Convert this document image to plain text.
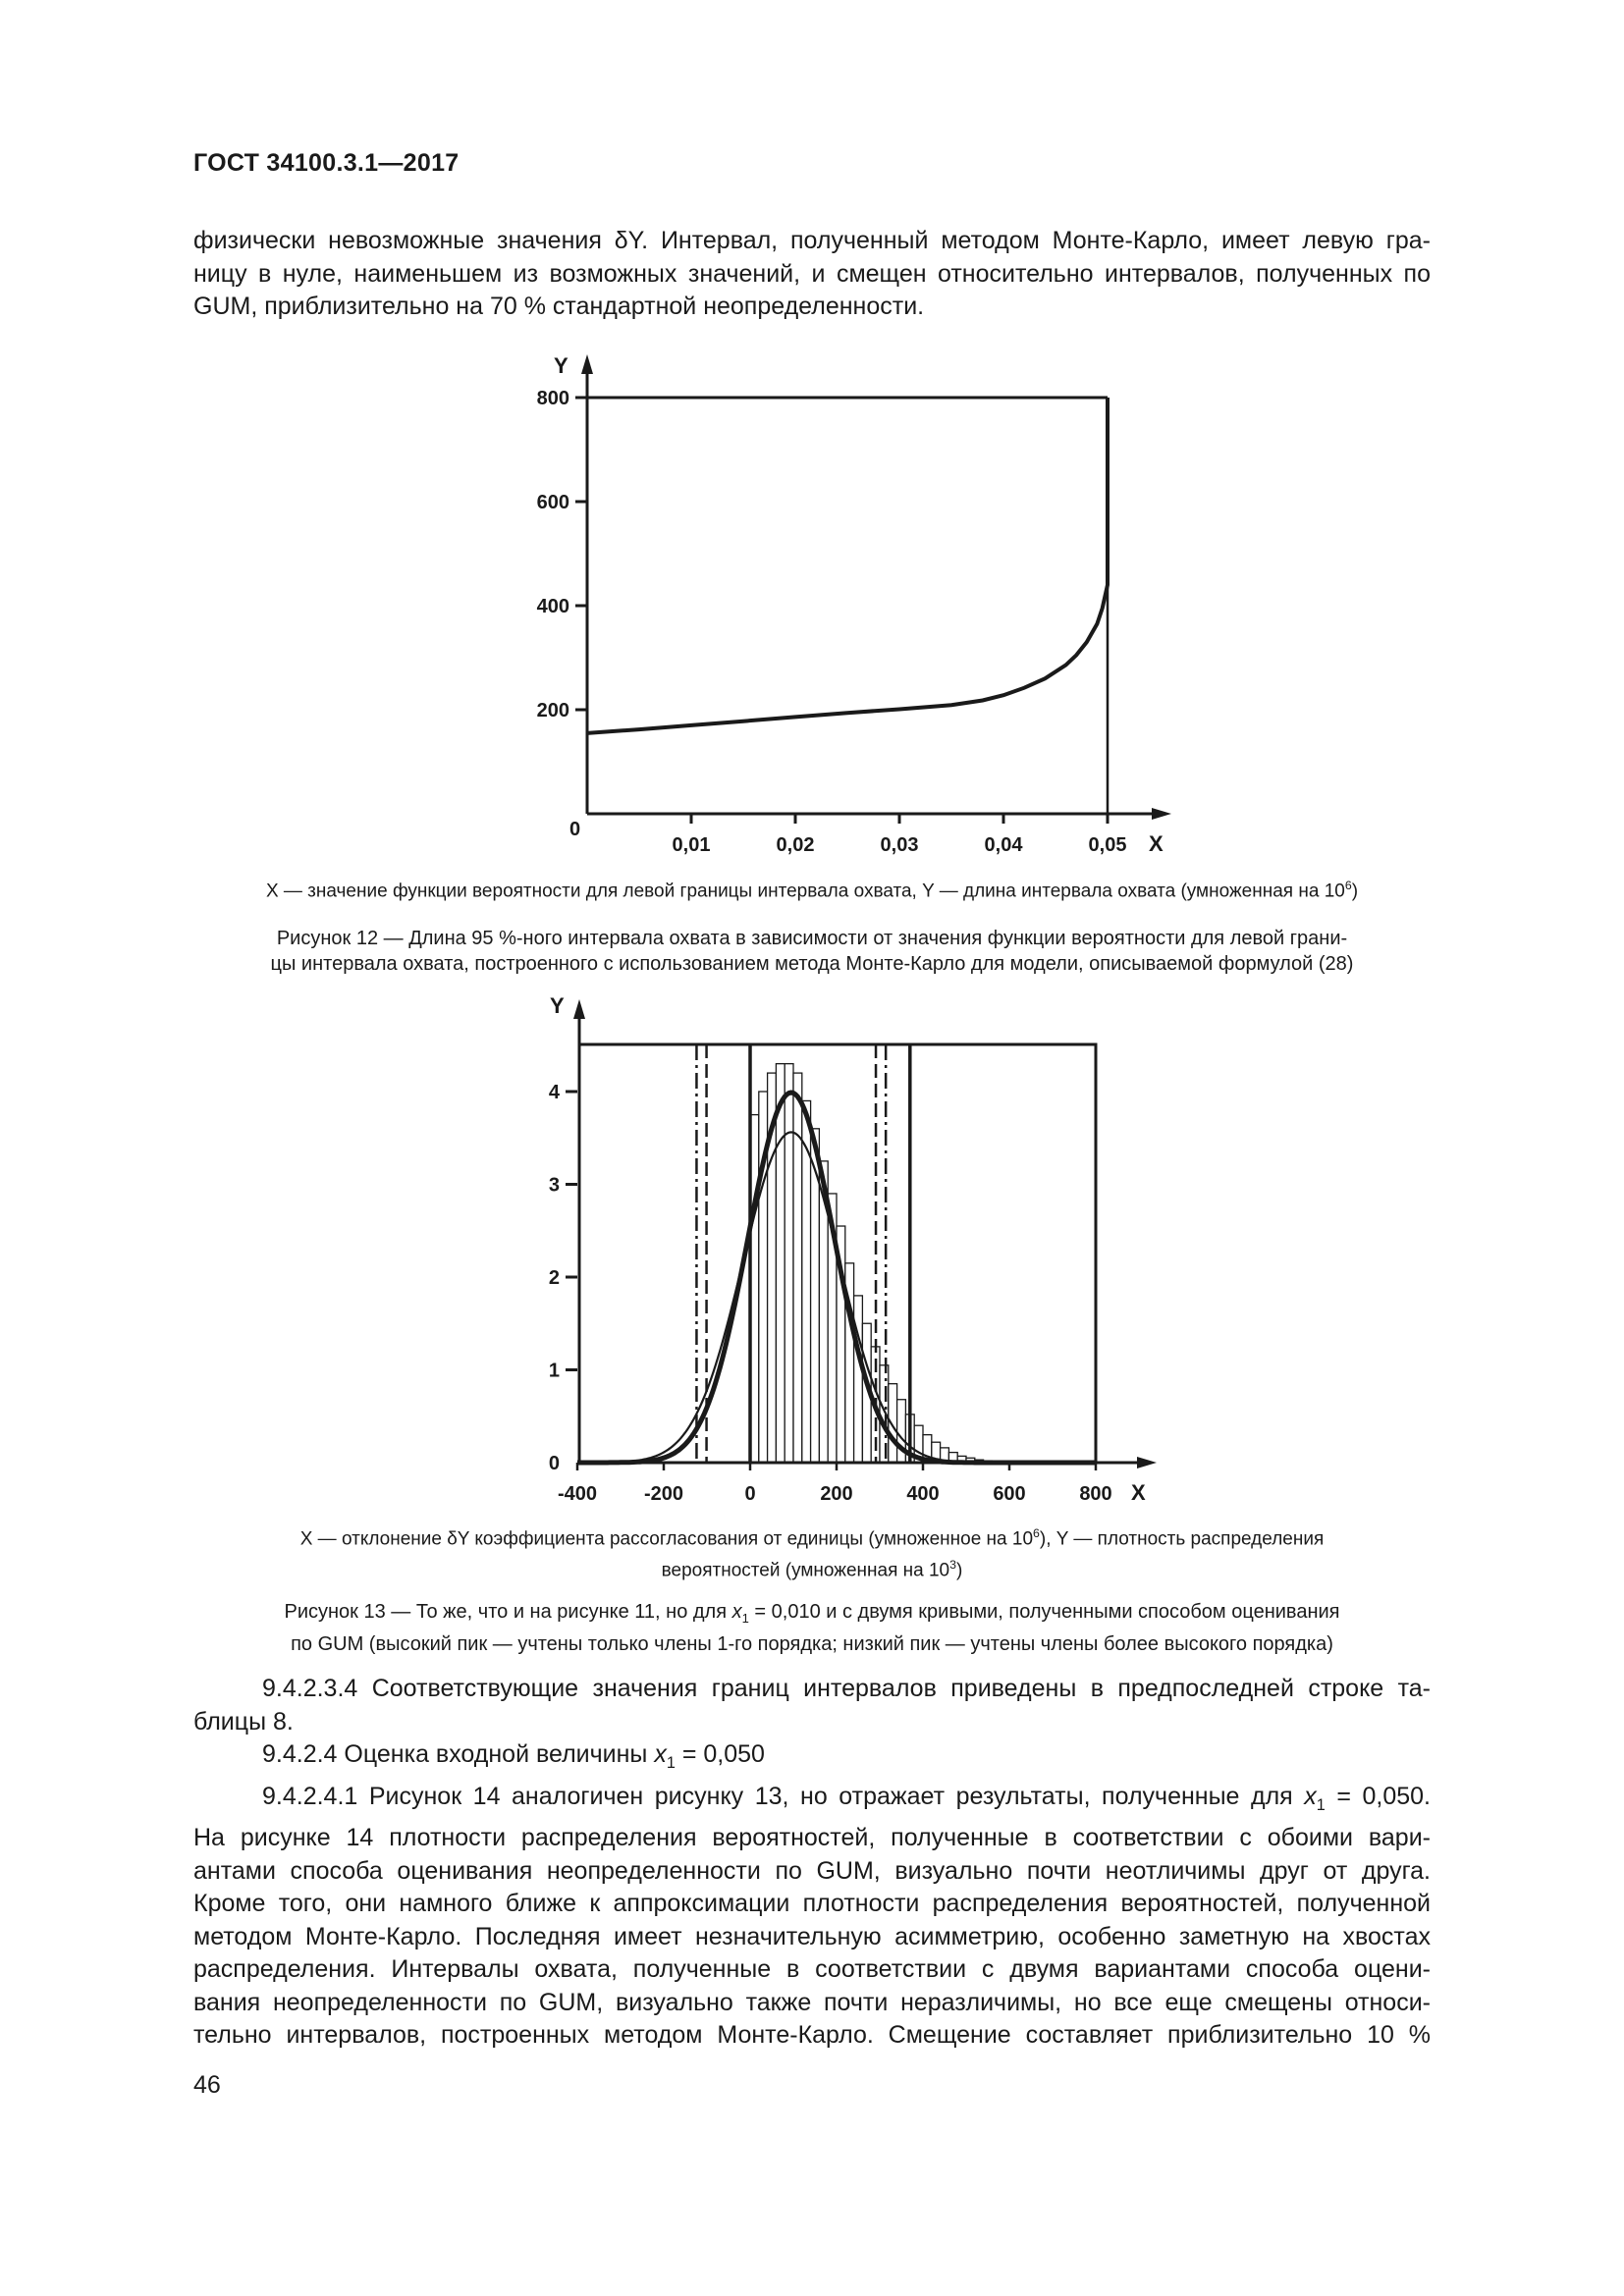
ГОСТ 34100.3.1—2017
физически невозможные значения δY. Интервал, полученный методом Монте-Карло, имеет левую гра-
ницу в нуле, наименьшем из возможных значений, и смещен относительно интервалов, полученных по
GUM, приблизительно на 70 % стандартной неопределенности.
Y
X
0
200
400
600
800
0,01	0,02	0,03	0,04	0,05
X — значение функции вероятности для левой границы интервала охвата, Y — длина интервала охвата (умноженная на $10^6$)
Рисунок 12 — Длина 95 %-ного интервала охвата в зависимости от значения функции вероятности для левой грани-
цы интервала охвата, построенного с использованием метода Монте-Карло для модели, описываемой формулой (28)
Y
X
0
1
2
3
4
-400 -200	0	200	400	600	800
X — отклонение δY коэффициента рассогласования от единицы (умноженное на $10^6$), Y — плотность распределения
вероятностей (умноженная на $10^3$)
Рисунок 13 — То же, что и на рисунке 11, но для $x_1 = 0,010$ и с двумя кривыми, полученными способом оценивания
по GUM (высокий пик — учтены только члены 1-го порядка; низкий пик — учтены члены более высокого порядка)
9.4.2.3.4 Соответствующие значения границ интервалов приведены в предпоследней строке та-
блицы 8.
9.4.2.4 Оценка входной величины $x_1 = 0,050$
9.4.2.4.1 Рисунок 14 аналогичен рисунку 13, но отражает результаты, полученные для $x_1 = 0,050$.
На рисунке 14 плотности распределения вероятностей, полученные в соответствии с обоими вари-
антами способа оценивания неопределенности по GUM, визуально почти неотличимы друг от друга.
Кроме того, они намного ближе к аппроксимации плотности распределения вероятностей, полученной
методом Монте-Карло. Последняя имеет незначительную асимметрию, особенно заметную на хвостах
распределения. Интервалы охвата, полученные в соответствии с двумя вариантами способа оцени-
вания неопределенности по GUM, визуально также почти неразличимы, но все еще смещены относи-
тельно интервалов, построенных методом Монте-Карло. Смещение составляет приблизительно 10 %
46
